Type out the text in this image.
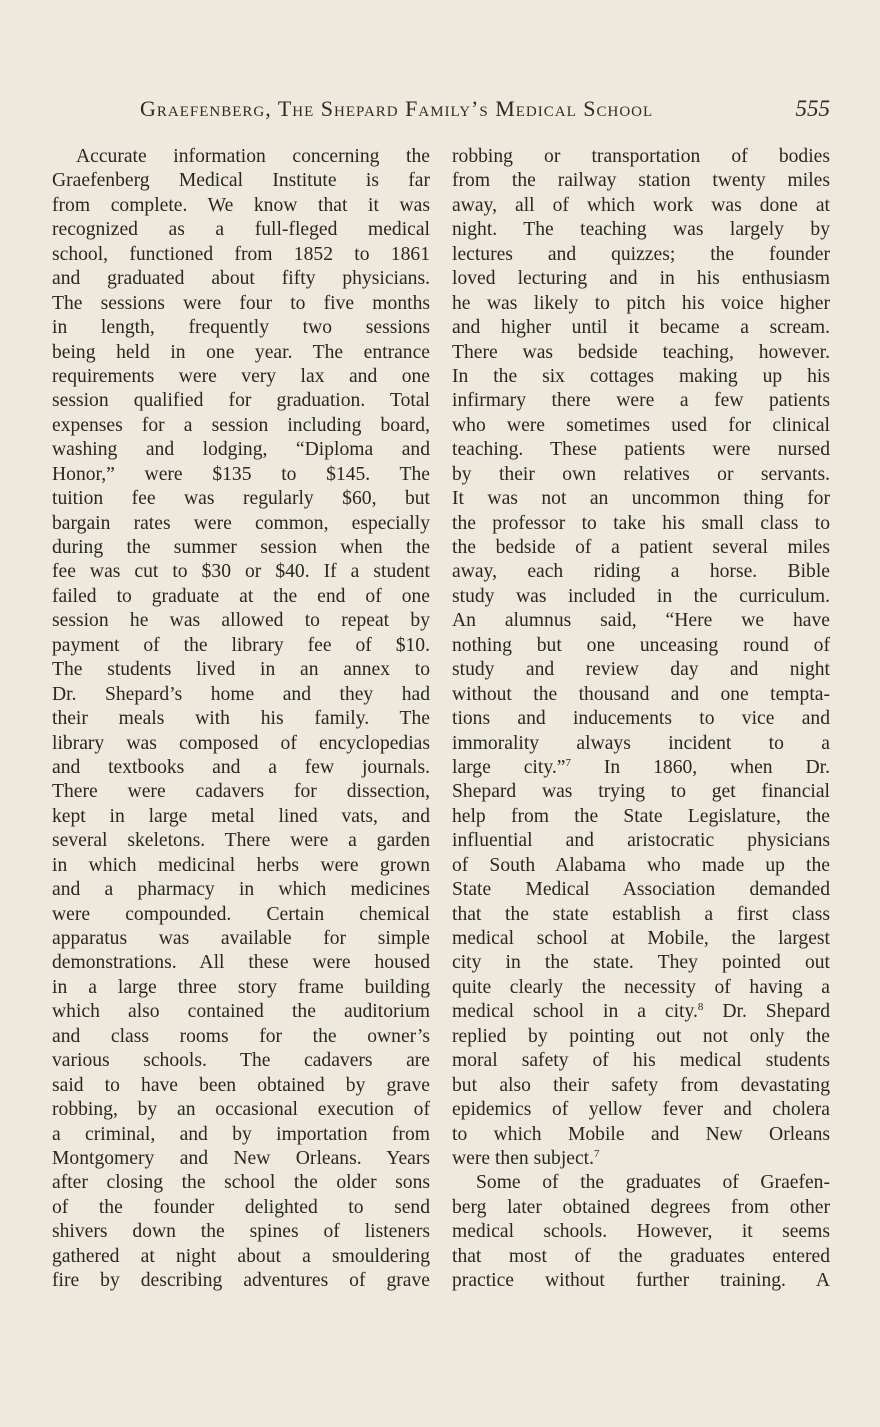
Graefenberg, The Shepard Family’s Medical School	555
Accurate information concerning the
Graefenberg Medical Institute is far
from complete. We know that it was
recognized as a full-fleged medical
school, functioned from 1852 to 1861
and graduated about fifty physicians.
The sessions were four to five months
in length, frequently two sessions
being held in one year. The entrance
requirements were very lax and one
session qualified for graduation. Total
expenses for a session including board,
washing and lodging, “Diploma and
Honor,” were $135 to $145. The
tuition fee was regularly $60, but
bargain rates were common, especially
during the summer session when the
fee was cut to $30 or $40. If a student
failed to graduate at the end of one
session he was allowed to repeat by
payment of the library fee of $10.
The students lived in an annex to
Dr. Shepard’s home and they had
their meals with his family. The
library was composed of encyclopedias
and textbooks and a few journals.
There were cadavers for dissection,
kept in large metal lined vats, and
several skeletons. There were a garden
in which medicinal herbs were grown
and a pharmacy in which medicines
were compounded. Certain chemical
apparatus was available for simple
demonstrations. All these were housed
in a large three story frame building
which also contained the auditorium
and class rooms for the owner’s
various schools. The cadavers are
said to have been obtained by grave
robbing, by an occasional execution of
a criminal, and by importation from
Montgomery and New Orleans. Years
after closing the school the older sons
of the founder delighted to send
shivers down the spines of listeners
gathered at night about a smouldering
fire by describing adventures of grave
robbing or transportation of bodies
from the railway station twenty miles
away, all of which work was done at
night. The teaching was largely by
lectures and quizzes; the founder
loved lecturing and in his enthusiasm
he was likely to pitch his voice higher
and higher until it became a scream.
There was bedside teaching, however.
In the six cottages making up his
infirmary there were a few patients
who were sometimes used for clinical
teaching. These patients were nursed
by their own relatives or servants.
It was not an uncommon thing for
the professor to take his small class to
the bedside of a patient several miles
away, each riding a horse. Bible
study was included in the curriculum.
An alumnus said, “Here we have
nothing but one unceasing round of
study and review day and night
without the thousand and one tempta-
tions and inducements to vice and
immorality always incident to a
large city.”$^7$ In 1860, when Dr.
Shepard was trying to get financial
help from the State Legislature, the
influential and aristocratic physicians
of South Alabama who made up the
State Medical Association demanded
that the state establish a first class
medical school at Mobile, the largest
city in the state. They pointed out
quite clearly the necessity of having a
medical school in a city.$^8$ Dr. Shepard
replied by pointing out not only the
moral safety of his medical students
but also their safety from devastating
epidemics of yellow fever and cholera
to which Mobile and New Orleans
were then subject.$^7$
Some of the graduates of Graefen-
berg later obtained degrees from other
medical schools. However, it seems
that most of the graduates entered
practice without further training. A
